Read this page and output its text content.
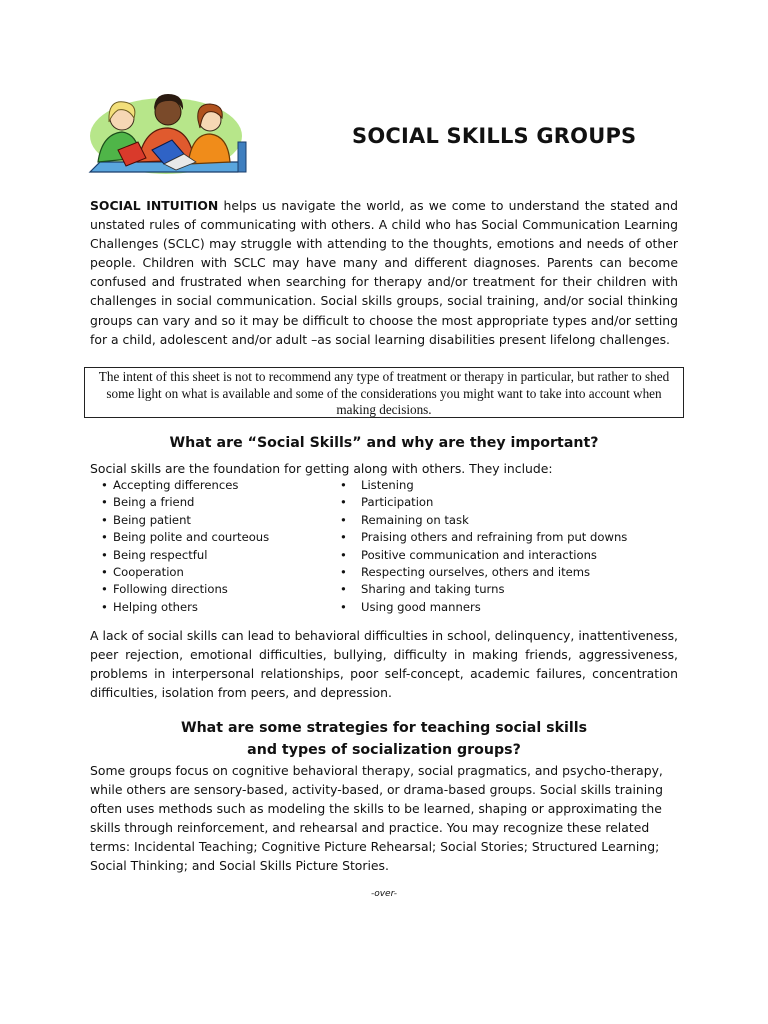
SOCIAL SKILLS GROUPS

SOCIAL INTUITION helps us navigate the world, as we come to understand the stated and unstated rules of communicating with others. A child who has Social Communication Learning Challenges (SCLC) may struggle with attending to the thoughts, emotions and needs of other people. Children with SCLC may have many and different diagnoses. Parents can become confused and frustrated when searching for therapy and/or treatment for their children with challenges in social communication. Social skills groups, social training, and/or social thinking groups can vary and so it may be difficult to choose the most appropriate types and/or setting for a child, adolescent and/or adult –as social learning disabilities present lifelong challenges.

The intent of this sheet is not to recommend any type of treatment or therapy in particular, but rather to shed some light on what is available and some of the considerations you might want to take into account when making decisions.
What are “Social Skills” and why are they important?

Social skills are the foundation for getting along with others. They include:

• Accepting differences
• Being a friend
• Being patient
• Being polite and courteous
• Being respectful
• Cooperation
• Following directions
• Helping others
• Listening
• Participation
• Remaining on task
• Praising others and refraining from put downs
• Positive communication and interactions
• Respecting ourselves, others and items
• Sharing and taking turns
• Using good manners

A lack of social skills can lead to behavioral difficulties in school, delinquency, inattentiveness, peer rejection, emotional difficulties, bullying, difficulty in making friends, aggressiveness, problems in interpersonal relationships, poor self-concept, academic failures, concentration difficulties, isolation from peers, and depression.

What are some strategies for teaching social skills
and types of socialization groups?

Some groups focus on cognitive behavioral therapy, social pragmatics, and psycho-therapy, while others are sensory-based, activity-based, or drama-based groups. Social skills training often uses methods such as modeling the skills to be learned, shaping or approximating the skills through reinforcement, and rehearsal and practice. You may recognize these related terms: Incidental Teaching; Cognitive Picture Rehearsal; Social Stories; Structured Learning; Social Thinking; and Social Skills Picture Stories.

-over-
